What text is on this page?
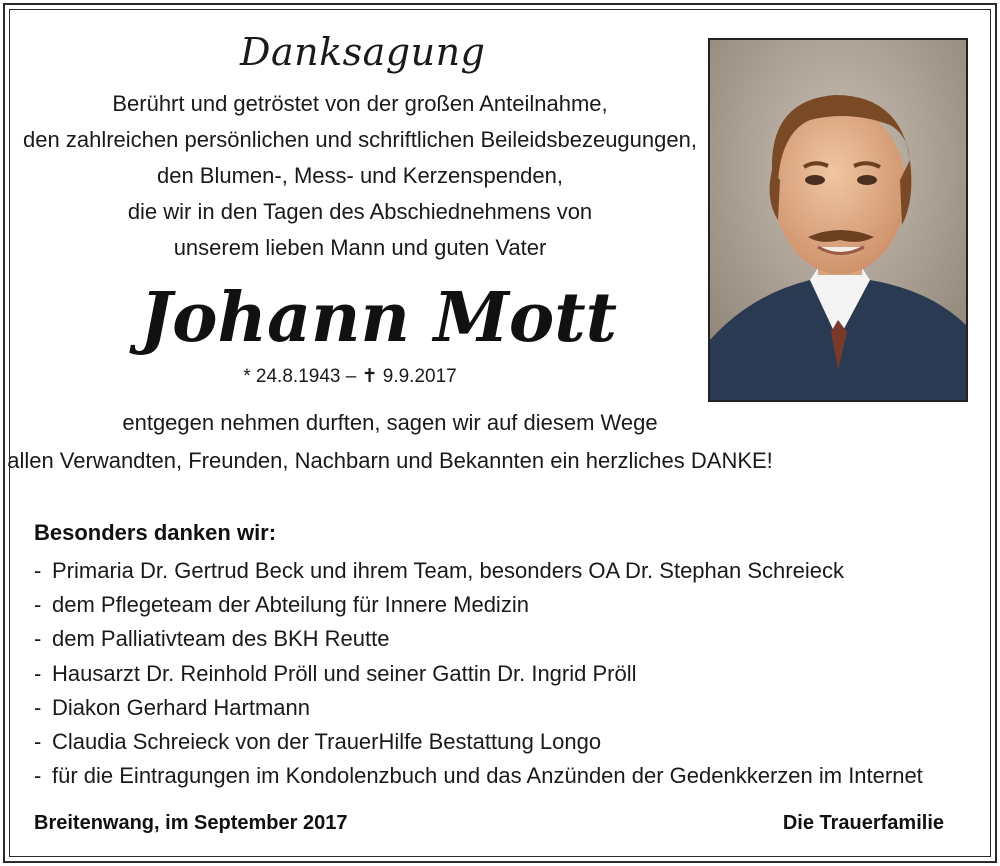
Danksagung
Berührt und getröstet von der großen Anteilnahme,
den zahlreichen persönlichen und schriftlichen Beileidsbezeugungen,
den Blumen-, Mess- und Kerzenspenden,
die wir in den Tagen des Abschiednehmens von
unserem lieben Mann und guten Vater
Johann Mott
* 24.8.1943 – ✝ 9.9.2017
entgegen nehmen durften, sagen wir auf diesem Wege
allen Verwandten, Freunden, Nachbarn und Bekannten ein herzliches DANKE!
Besonders danken wir:
- Primaria Dr. Gertrud Beck und ihrem Team, besonders OA Dr. Stephan Schreieck
- dem Pflegeteam der Abteilung für Innere Medizin
- dem Palliativteam des BKH Reutte
- Hausarzt Dr. Reinhold Pröll und seiner Gattin Dr. Ingrid Pröll
- Diakon Gerhard Hartmann
- Claudia Schreieck von der TrauerHilfe Bestattung Longo
- für die Eintragungen im Kondolenzbuch und das Anzünden der Gedenkkerzen im Internet
Breitenwang, im September 2017	Die Trauerfamilie
